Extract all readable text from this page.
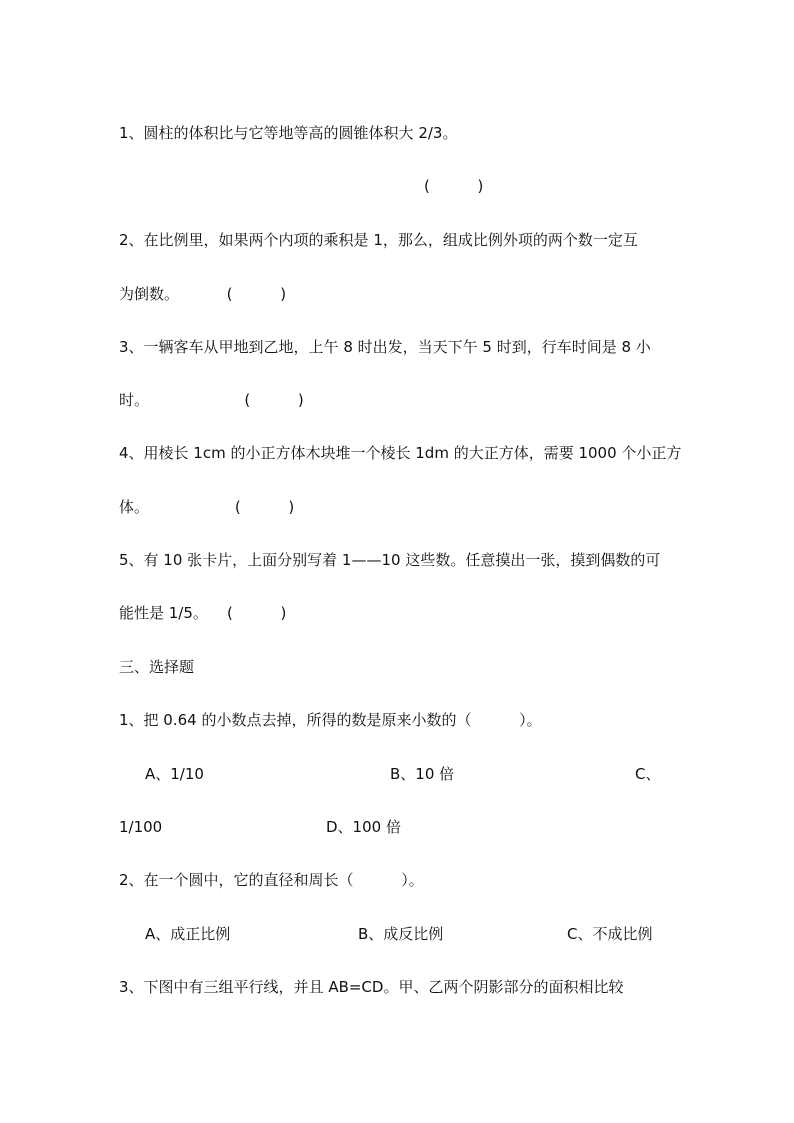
1、圆柱的体积比与它等地等高的圆锥体积大 2/3。
(          )
2、在比例里，如果两个内项的乘积是 1，那么，组成比例外项的两个数一定互
为倒数。          (          )
3、一辆客车从甲地到乙地，上午 8 时出发，当天下午 5 时到，行车时间是 8 小
时。                    (          )
4、用棱长 1cm 的小正方体木块堆一个棱长 1dm 的大正方体，需要 1000 个小正方
体。                  (          )
5、有 10 张卡片，上面分别写着 1——10 这些数。任意摸出一张，摸到偶数的可
能性是 1/5。    (          )
三、选择题
1、把 0.64 的小数点去掉，所得的数是原来小数的（          ）。
A、1/10	B、10 倍	C、
1/100	D、100 倍
2、在一个圆中，它的直径和周长（          ）。
A、成正比例	B、成反比例	C、不成比例
3、下图中有三组平行线，并且 AB=CD。甲、乙两个阴影部分的面积相比较
